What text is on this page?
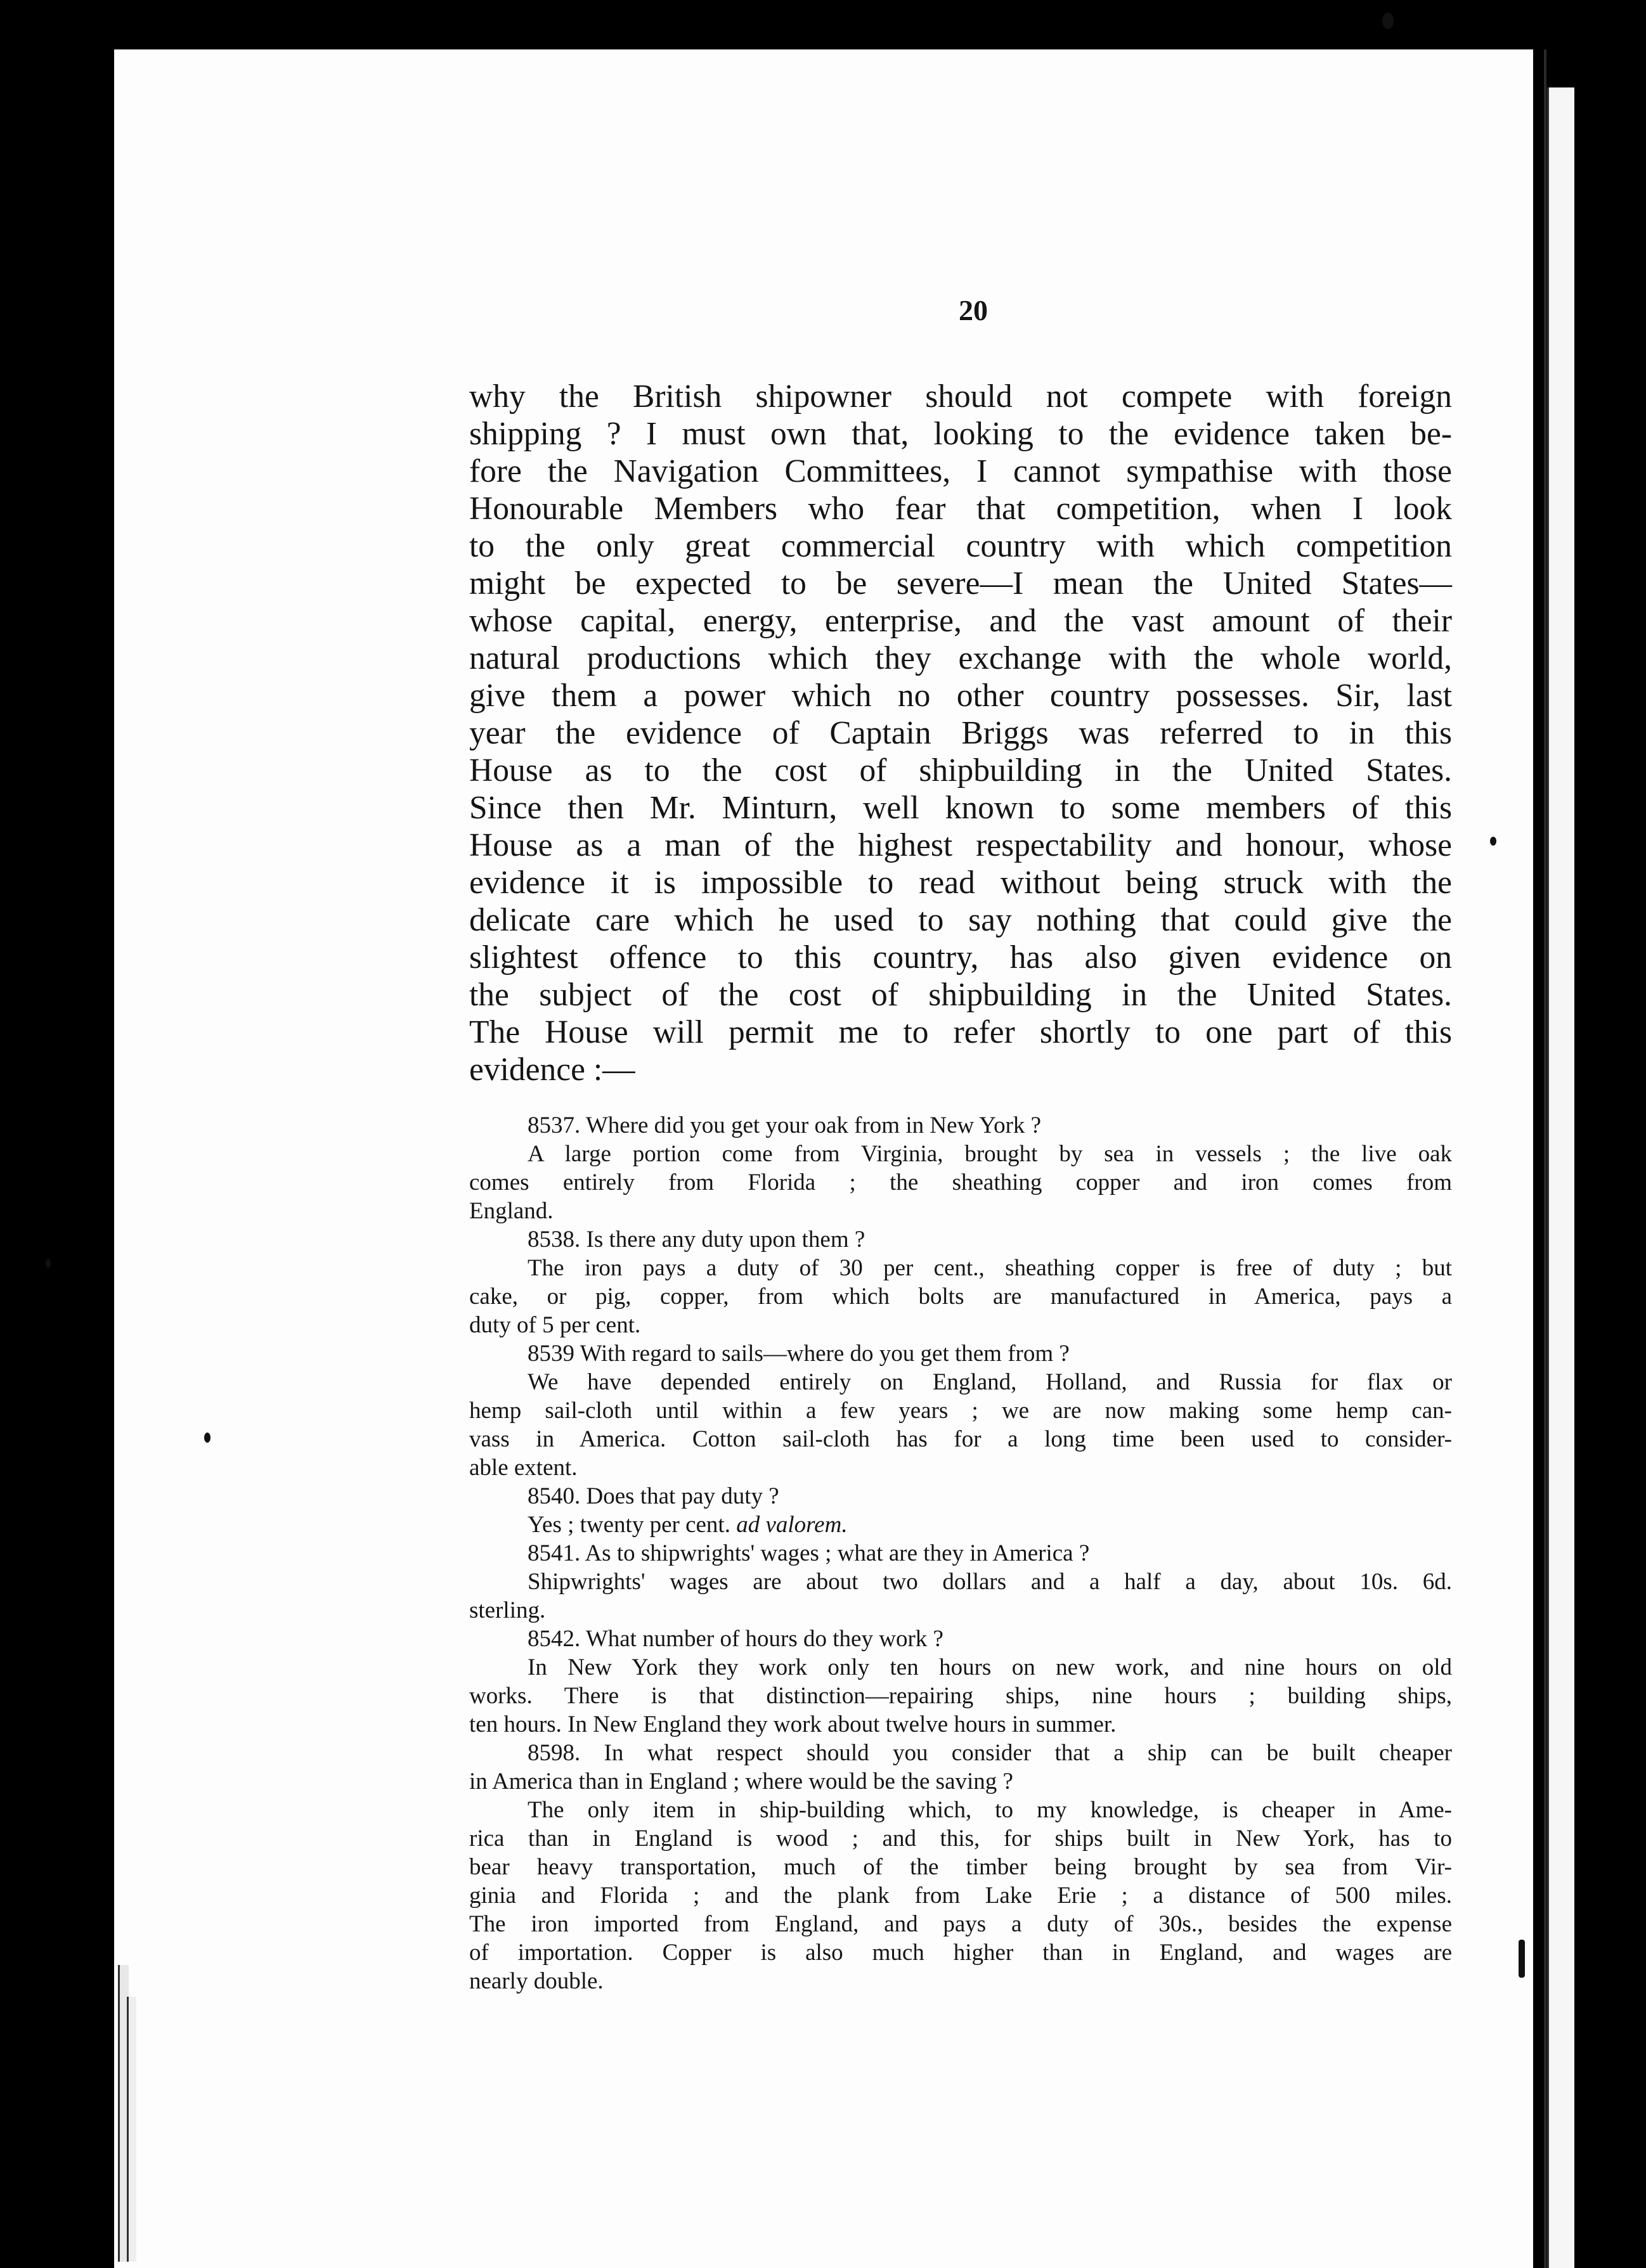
20
why the British shipowner should not compete with foreign
shipping ? I must own that, looking to the evidence taken be-
fore the Navigation Committees, I cannot sympathise with those
Honourable Members who fear that competition, when I look
to the only great commercial country with which competition
might be expected to be severe—I mean the United States—
whose capital, energy, enterprise, and the vast amount of their
natural productions which they exchange with the whole world,
give them a power which no other country possesses. Sir, last
year the evidence of Captain Briggs was referred to in this
House as to the cost of shipbuilding in the United States.
Since then Mr. Minturn, well known to some members of this
House as a man of the highest respectability and honour, whose
evidence it is impossible to read without being struck with the
delicate care which he used to say nothing that could give the
slightest offence to this country, has also given evidence on
the subject of the cost of shipbuilding in the United States.
The House will permit me to refer shortly to one part of this
evidence :—
8537. Where did you get your oak from in New York ?
A large portion come from Virginia, brought by sea in vessels ; the live oak
comes entirely from Florida ; the sheathing copper and iron comes from
England.
8538. Is there any duty upon them ?
The iron pays a duty of 30 per cent., sheathing copper is free of duty ; but
cake, or pig, copper, from which bolts are manufactured in America, pays a
duty of 5 per cent.
8539 With regard to sails—where do you get them from ?
We have depended entirely on England, Holland, and Russia for flax or
hemp sail-cloth until within a few years ; we are now making some hemp can-
vass in America. Cotton sail-cloth has for a long time been used to consider-
able extent.
8540. Does that pay duty ?
Yes ; twenty per cent. ad valorem.
8541. As to shipwrights' wages ; what are they in America ?
Shipwrights' wages are about two dollars and a half a day, about 10s. 6d.
sterling.
8542. What number of hours do they work ?
In New York they work only ten hours on new work, and nine hours on old
works. There is that distinction—repairing ships, nine hours ; building ships,
ten hours. In New England they work about twelve hours in summer.
8598. In what respect should you consider that a ship can be built cheaper
in America than in England ; where would be the saving ?
The only item in ship-building which, to my knowledge, is cheaper in Ame-
rica than in England is wood ; and this, for ships built in New York, has to
bear heavy transportation, much of the timber being brought by sea from Vir-
ginia and Florida ; and the plank from Lake Erie ; a distance of 500 miles.
The iron imported from England, and pays a duty of 30s., besides the expense
of importation. Copper is also much higher than in England, and wages are
nearly double.
